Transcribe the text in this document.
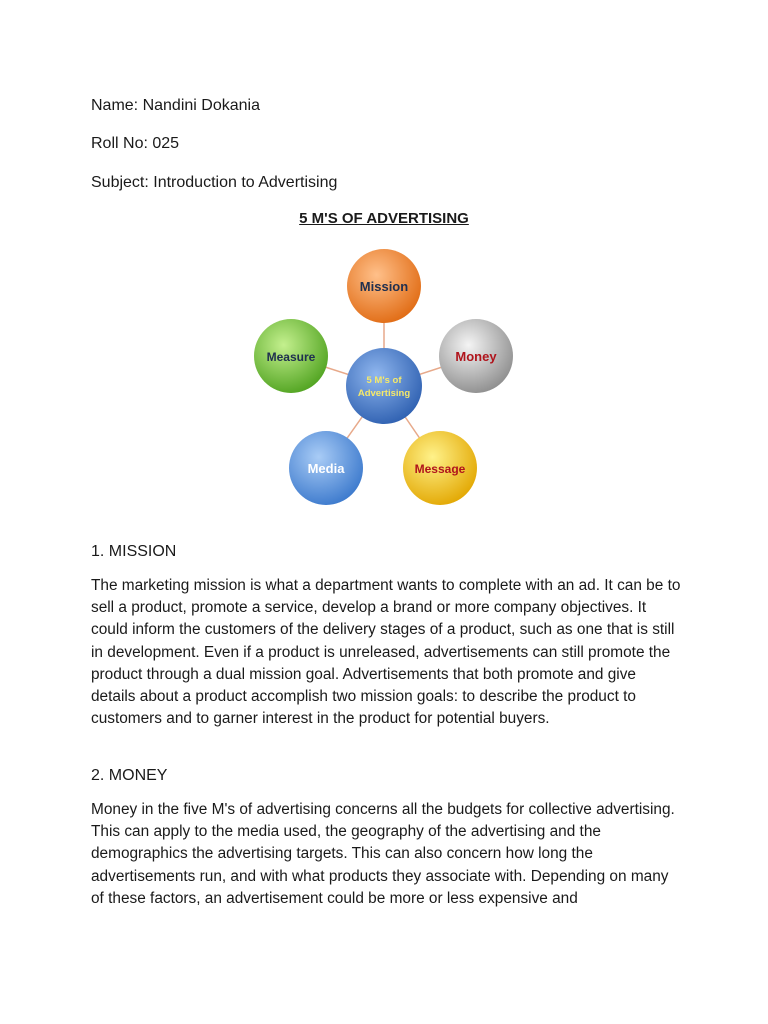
Name: Nandini Dokania

Roll No: 025

Subject: Introduction to Advertising

5 M'S OF ADVERTISING
Mission
Money
Message
Media
Measure
5 M's of
Advertising

1. MISSION

The marketing mission is what a department wants to complete with an ad. It can be to sell a product, promote a service, develop a brand or more company objectives. It could inform the customers of the delivery stages of a product, such as one that is still in development. Even if a product is unreleased, advertisements can still promote the product through a dual mission goal. Advertisements that both promote and give details about a product accomplish two mission goals: to describe the product to customers and to garner interest in the product for potential buyers.

2. MONEY

Money in the five M's of advertising concerns all the budgets for collective advertising. This can apply to the media used, the geography of the advertising and the demographics the advertising targets. This can also concern how long the advertisements run, and with what products they associate with. Depending on many of these factors, an advertisement could be more or less expensive and
